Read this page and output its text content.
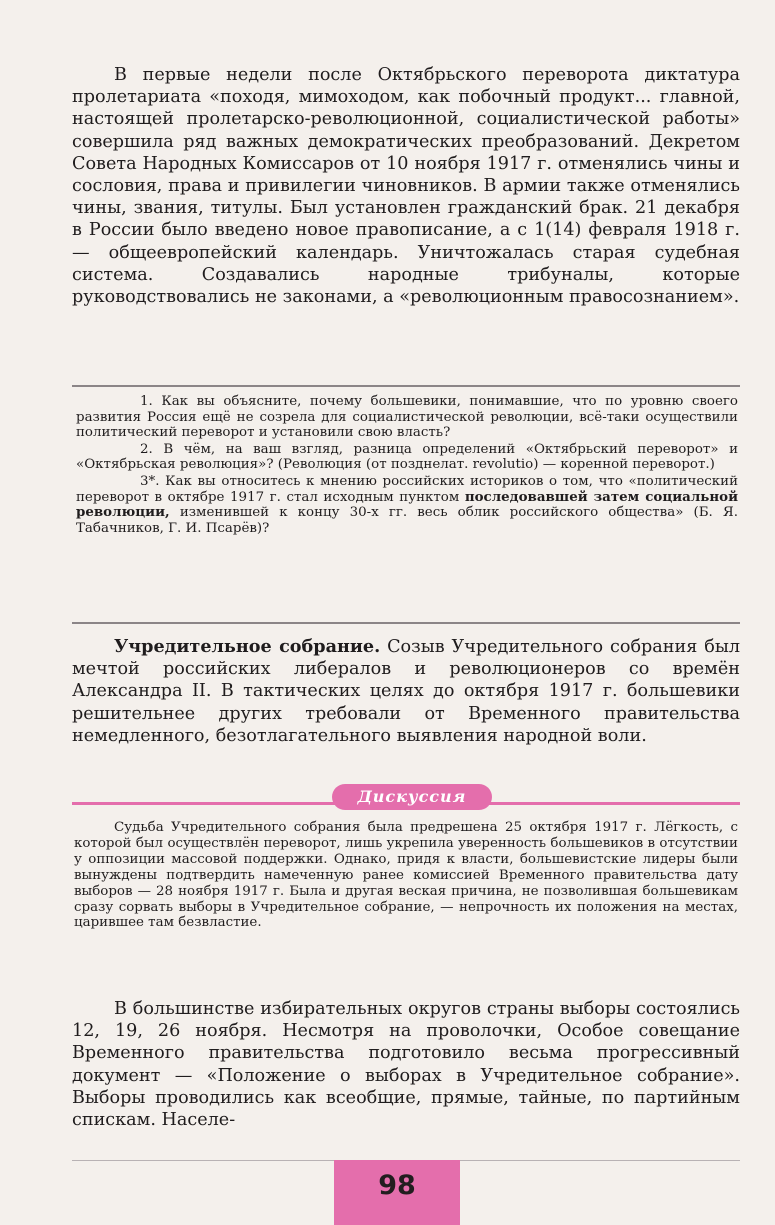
В первые недели после Октябрьского переворота диктатура пролетариата «походя, мимоходом, как побочный продукт... главной, настоящей пролетарско-революционной, социалистической работы» совершила ряд важных демократических преобразований. Декретом Совета Народных Комиссаров от 10 ноября 1917 г. отменялись чины и сословия, права и привилегии чиновников. В армии также отменялись чины, звания, титулы. Был установлен гражданский брак. 21 декабря в России было введено новое правописание, а с 1(14) февраля 1918 г. — общеевропейский календарь. Уничтожалась старая судебная система. Создавались народные трибуналы, которые руководствовались не законами, а «революционным правосознанием».

1. Как вы объясните, почему большевики, понимавшие, что по уровню своего развития Россия ещё не созрела для социалистической революции, всё-таки осуществили политический переворот и установили свою власть?

2. В чём, на ваш взгляд, разница определений «Октябрьский переворот» и «Октябрьская революция»? (Революция (от позднелат. revolutio) — коренной переворот.)

3*. Как вы относитесь к мнению российских историков о том, что «политический переворот в октябре 1917 г. стал исходным пунктом последовавшей затем социальной революции, изменившей к концу 30-х гг. весь облик российского общества» (Б. Я. Табачников, Г. И. Псарёв)?

Учредительное собрание. Созыв Учредительного собрания был мечтой российских либералов и революционеров со времён Александра II. В тактических целях до октября 1917 г. большевики решительнее других требовали от Временного правительства немедленного, безотлагательного выявления народной воли.

Дискуссия

Судьба Учредительного собрания была предрешена 25 октября 1917 г. Лёгкость, с которой был осуществлён переворот, лишь укрепила уверенность большевиков в отсутствии у оппозиции массовой поддержки. Однако, придя к власти, большевистские лидеры были вынуждены подтвердить намеченную ранее комиссией Временного правительства дату выборов — 28 ноября 1917 г. Была и другая веская причина, не позволившая большевикам сразу сорвать выборы в Учредительное собрание, — непрочность их положения на местах, царившее там безвластие.

В большинстве избирательных округов страны выборы состоялись 12, 19, 26 ноября. Несмотря на проволочки, Особое совещание Временного правительства подготовило весьма прогрессивный документ — «Положение о выборах в Учредительное собрание». Выборы проводились как всеобщие, прямые, тайные, по партийным спискам. Населе-

98
